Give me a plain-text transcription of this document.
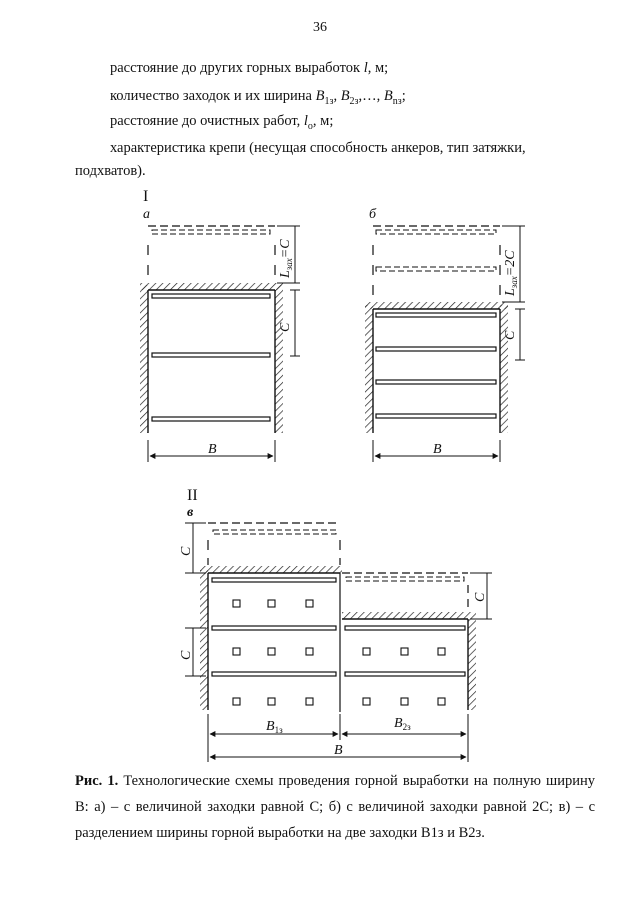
36
расстояние до других горных выработок l, м;
количество заходок и их ширина $B_{1з}$, $B_{2з},\dots$, $B_{nз}$;
расстояние до очистных работ, $l_о$, м;
характеристика крепи (несущая способность анкеров, тип затяжки,
подхватов).
I
а	б
B
$L_{зах}=C$
C
B
$L_{зах}=2C$
C
II
в
C
C
C
$B_{1з}$	$B_{2з}$
B
Рис. 1. Технологические схемы проведения горной выработки на полную ширину B: а) – с величиной заходки равной C; б) с величиной заходки равной 2C; в) – с разделением ширины горной выработки на две заходки B1з и B2з.
